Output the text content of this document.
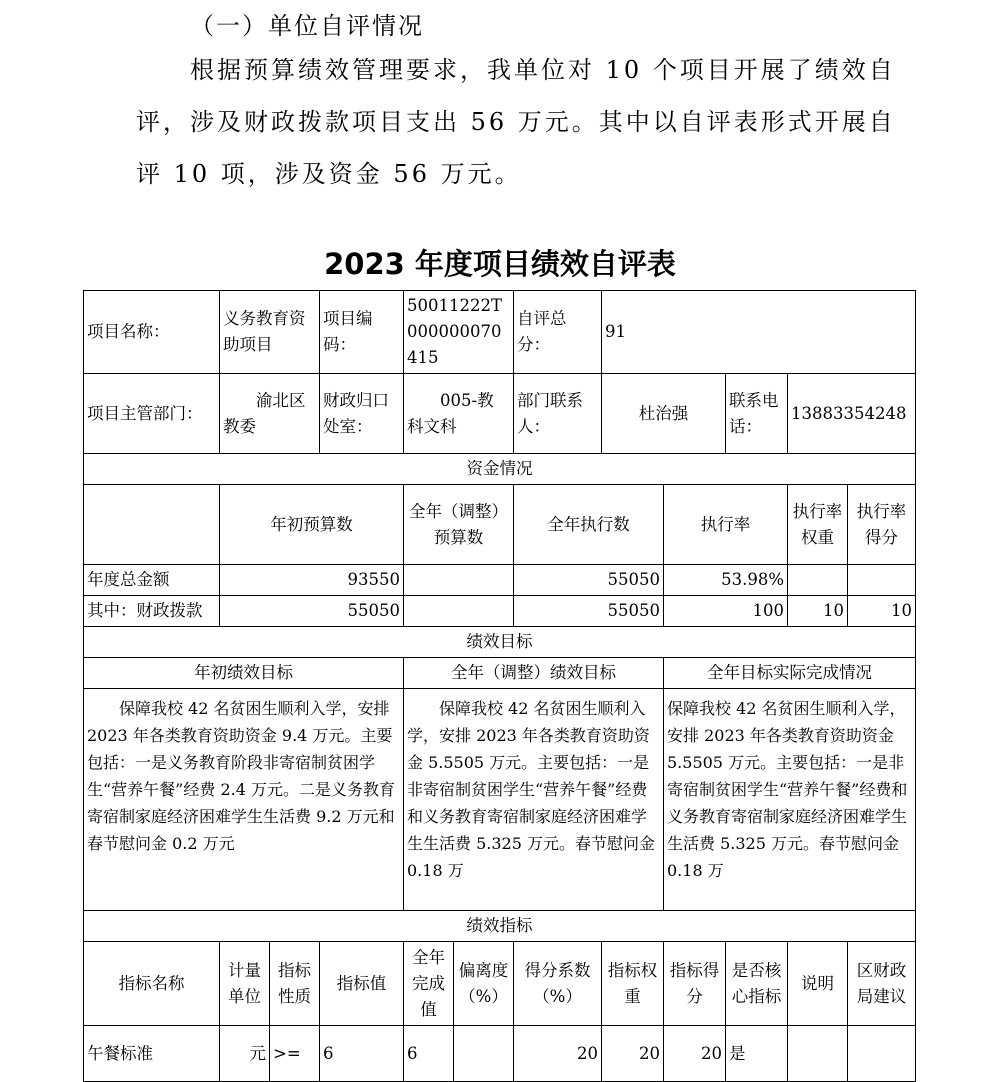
（一）单位自评情况

根据预算绩效管理要求，我单位对 10 个项目开展了绩效自评，涉及财政拨款项目支出 56 万元。其中以自评表形式开展自评 10 项，涉及资金 56 万元。

2023 年度项目绩效自评表
项目名称：	义务教育资助项目		项目编码：	50011222T000000070415		自评总分：	91				
项目主管部门：	渝北区教委		财政归口处室：	005-教科文科		部门联系人：	杜治强		联系电话：	13883354248	
资金情况											
	年初预算数			全年（调整）预算数		全年执行数		执行率		执行率权重	执行率得分
年度总金额	93550					55050		53.98%			
其中：财政拨款	55050					55050		100		10	10
绩效目标											
年初绩效目标				全年（调整）绩效目标				全年目标实际完成情况			
保障我校 42 名贫困生顺利入学，安排 2023 年各类教育资助资金 9.4 万元。主要包括：一是义务教育阶段非寄宿制贫困学生“营养午餐”经费 2.4 万元。二是义务教育寄宿制家庭经济困难学生生活费 9.2 万元和春节慰问金 0.2 万元				保障我校 42 名贫困生顺利入学，安排 2023 年各类教育资助资金 5.5505 万元。主要包括：一是非寄宿制贫困学生“营养午餐”经费和义务教育寄宿制家庭经济困难学生生活费 5.325 万元。春节慰问金 0.18 万				保障我校 42 名贫困生顺利入学，安排 2023 年各类教育资助资金 5.5505 万元。主要包括：一是非寄宿制贫困学生“营养午餐”经费和义务教育寄宿制家庭经济困难学生生活费 5.325 万元。春节慰问金 0.18 万			
绩效指标											
指标名称	计量单位	指标性质	指标值	全年完成值	偏离度（%）	得分系数（%）	指标权重	指标得分	是否核心指标	说明	区财政局建议
午餐标准	元	>=	6	6		20	20	20	是		
